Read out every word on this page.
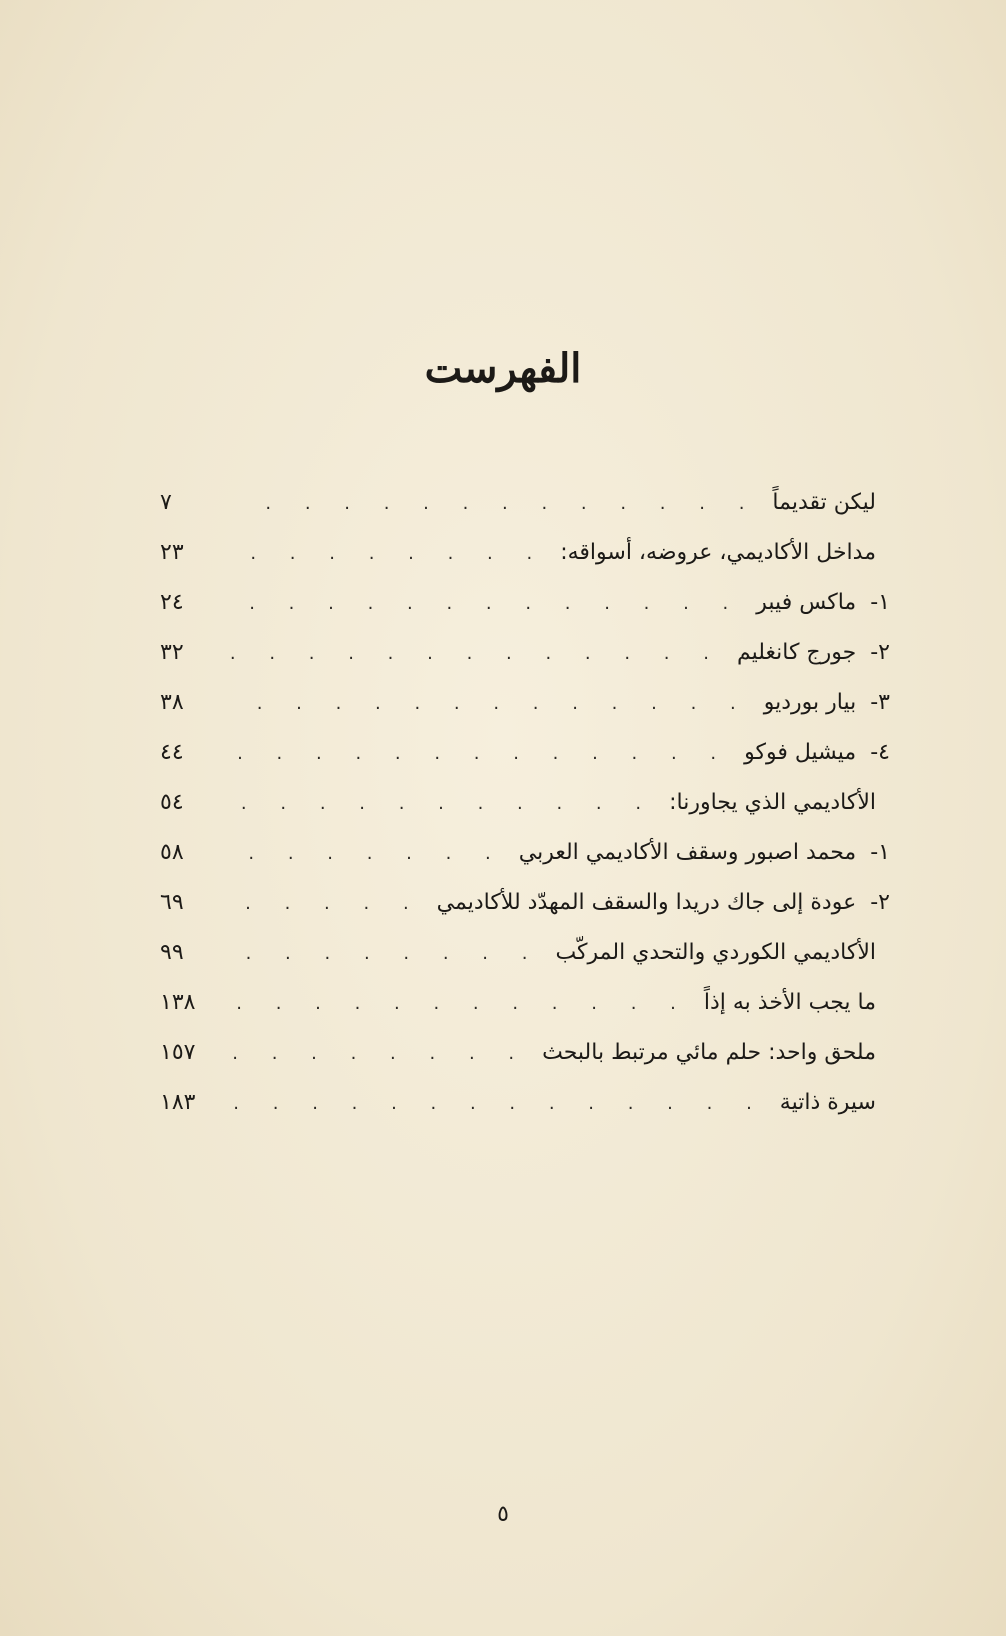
الفهرست
ليكن تقديماً
. . .
٧
مداخل الأكاديمي، عروضه، أسواقه:
. . .
٢٣
١-ماكس فيبر
. . .
٢٤
٢-جورج كانغليم
. . .
٣٢
٣-بيار بورديو
. . .
٣٨
٤-ميشيل فوكو
. . .
٤٤
الأكاديمي الذي يجاورنا:
. . .
٥٤
١-محمد اصبور وسقف الأكاديمي العربي
. . .
٥٨
٢-عودة إلى جاك دريدا والسقف المهدّد للأكاديمي
. . .
٦٩
الأكاديمي الكوردي والتحدي المركّب
. . .
٩٩
ما يجب الأخذ به إذاً
. . .
١٣٨
ملحق واحد: حلم مائي مرتبط بالبحث
. . .
١٥٧
سيرة ذاتية
. . .
١٨٣
٥
